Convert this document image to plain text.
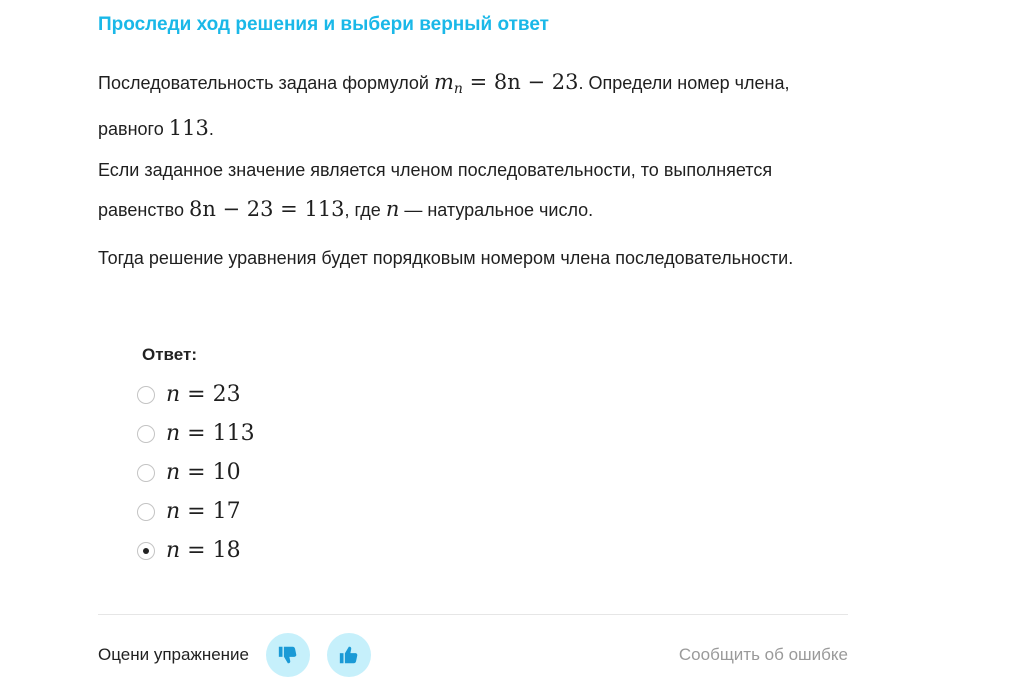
Проследи ход решения и выбери верный ответ

Последовательность задана формулой $m_n = 8n - 23$. Определи номер члена, равного 113.

Если заданное значение является членом последовательности, то выполняется равенство 8n − 23 = 113, где n — натуральное число.

Тогда решение уравнения будет порядковым номером члена последовательности.

Ответ:
n = 23
n = 113
n = 10
n = 17
n = 18
Оцени упражнение	Сообщить об ошибке
